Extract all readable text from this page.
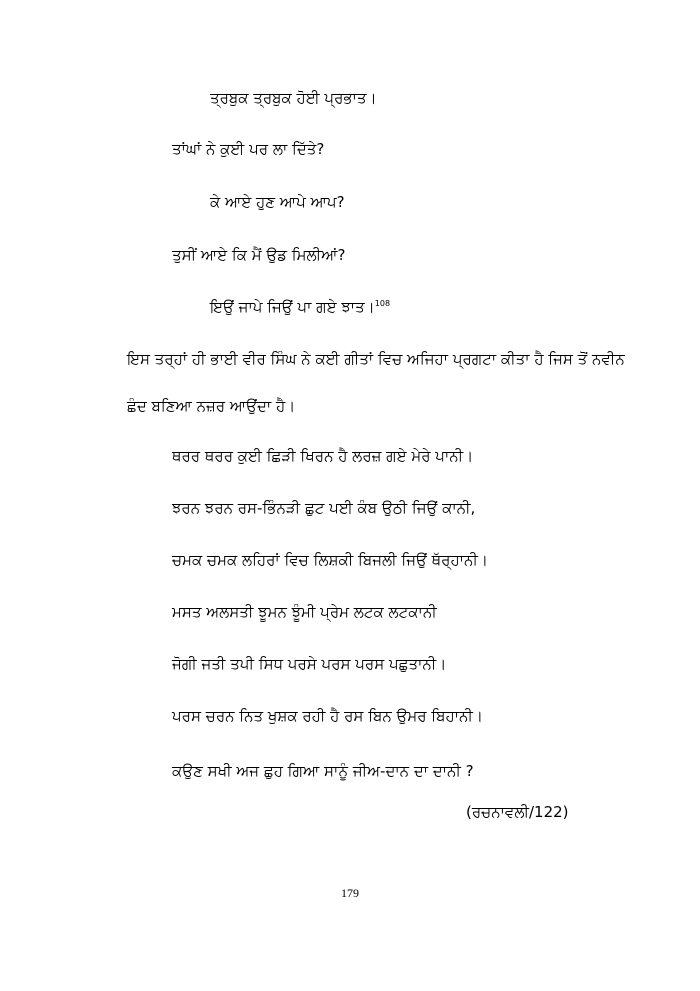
ਤ੍ਰਬੁਕ ਤ੍ਰਬੁਕ ਹੋਈ ਪ੍ਰਭਾਤ।
ਤਾਂਘਾਂ ਨੇ ਕੁਈ ਪਰ ਲਾ ਦਿੱਤੇ?
ਕੇ ਆਏ ਹੁਣ ਆਪੇ ਆਪ?
ਤੁਸੀਂ ਆਏ ਕਿ ਮੈਂ ਉਡ ਮਿਲੀਆਂ?
ਇਉਂ ਜਾਪੇ ਜਿਉਂ ਪਾ ਗਏ ਝਾਤ।$^{108}$
ਇਸ ਤਰ੍ਹਾਂ ਹੀ ਭਾਈ ਵੀਰ ਸਿੰਘ ਨੇ ਕਈ ਗੀਤਾਂ ਵਿਚ ਅਜਿਹਾ ਪ੍ਰਗਟਾ ਕੀਤਾ ਹੈ ਜਿਸ ਤੋਂ ਨਵੀਨ
ਛੰਦ ਬਣਿਆ ਨਜ਼ਰ ਆਉਂਦਾ ਹੈ।
ਥਰਰ ਥਰਰ ਕੁਈ ਛਿੜੀ ਖਿਰਨ ਹੈ ਲਰਜ਼ ਗਏ ਮੇਰੇ ਪਾਨੀ।
ਝਰਨ ਝਰਨ ਰਸ-ਭਿੰਨੜੀ ਛੁਟ ਪਈ ਕੰਬ ਉਠੀ ਜਿਉਂ ਕਾਨੀ,
ਚਮਕ ਚਮਕ ਲਹਿਰਾਂ ਵਿਚ ਲਿਸ਼ਕੀ ਬਿਜਲੀ ਜਿਉਂ ਥੱਰ੍ਹਾਨੀ।
ਮਸਤ ਅਲਸਤੀ ਝੂਮਨ ਝੂੰਮੀ ਪ੍ਰੇਮ ਲਟਕ ਲਟਕਾਨੀ
ਜੋਗੀ ਜਤੀ ਤਪੀ ਸਿਧ ਪਰਸੇ ਪਰਸ ਪਰਸ ਪਛੁਤਾਨੀ।
ਪਰਸ ਚਰਨ ਨਿਤ ਖੁਸ਼ਕ ਰਹੀ ਹੈ ਰਸ ਬਿਨ ਉਮਰ ਬਿਹਾਨੀ।
ਕਉਣ ਸਖੀ ਅਜ ਛੁਹ ਗਿਆ ਸਾਨੂੰ ਜੀਅ-ਦਾਨ ਦਾ ਦਾਨੀ ?
(ਰਚਨਾਵਲੀ/122)
179
